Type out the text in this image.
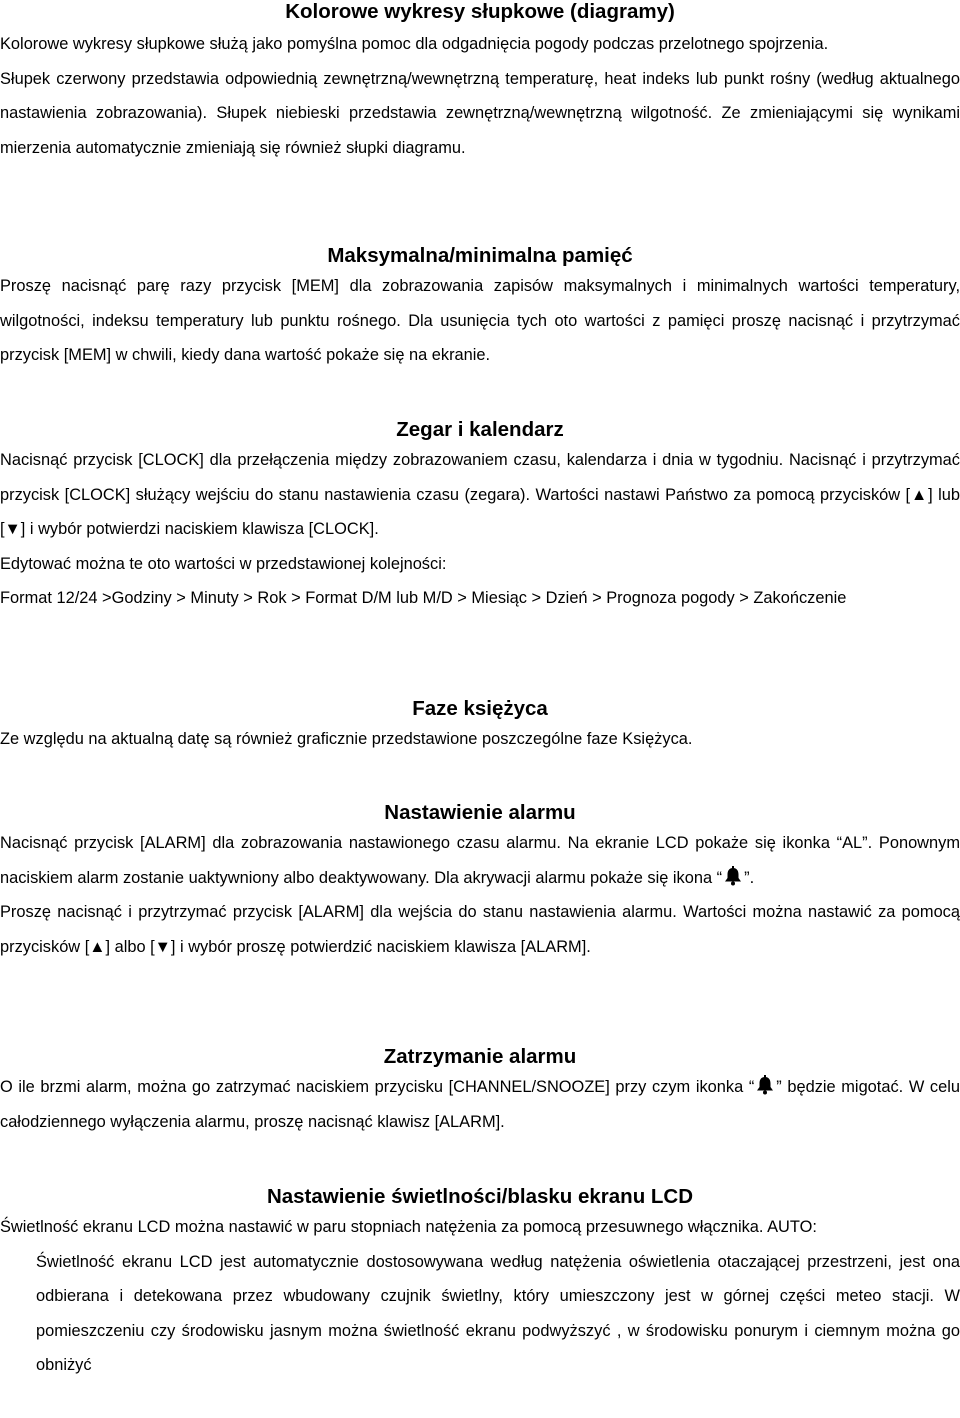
Kolorowe wykresy słupkowe (diagramy)

Kolorowe wykresy słupkowe służą jako pomyślna pomoc dla odgadnięcia pogody podczas przelotnego spojrzenia.

Słupek czerwony przedstawia odpowiednią zewnętrzną/wewnętrzną temperaturę, heat indeks lub punkt rośny (według aktualnego nastawienia zobrazowania). Słupek niebieski przedstawia zewnętrzną/wewnętrzną wilgotność. Ze zmieniającymi się wynikami mierzenia automatycznie zmieniają się również słupki diagramu.

Maksymalna/minimalna pamięć

Proszę nacisnąć parę razy przycisk [MEM] dla zobrazowania zapisów maksymalnych i minimalnych wartości temperatury, wilgotności, indeksu temperatury lub punktu rośnego. Dla usunięcia tych oto wartości z pamięci proszę nacisnąć i przytrzymać przycisk [MEM] w chwili, kiedy dana wartość pokaże się na ekranie.

Zegar i kalendarz

Nacisnąć przycisk [CLOCK] dla przełączenia między zobrazowaniem czasu, kalendarza i dnia w tygodniu. Nacisnąć i przytrzymać przycisk [CLOCK] służący wejściu do stanu nastawienia czasu (zegara). Wartości nastawi Państwo za pomocą przycisków [▲] lub [▼] i wybór potwierdzi naciskiem klawisza [CLOCK].

Edytować można te oto wartości w przedstawionej kolejności:

Format 12/24 >Godziny > Minuty > Rok > Format D/M lub M/D > Miesiąc > Dzień > Prognoza pogody > Zakończenie

Faze księżyca

Ze względu na aktualną datę są również graficznie przedstawione poszczególne faze Księżyca.

Nastawienie alarmu

Nacisnąć przycisk [ALARM] dla zobrazowania nastawionego czasu alarmu. Na ekranie LCD pokaże się ikonka “AL”. Ponownym naciskiem alarm zostanie uaktywniony albo deaktywowany. Dla akrywacji alarmu pokaże się ikona “ ”.

Proszę nacisnąć i przytrzymać przycisk [ALARM] dla wejścia do stanu nastawienia alarmu. Wartości można nastawić za pomocą przycisków [▲] albo [▼] i wybór proszę potwierdzić naciskiem klawisza [ALARM].

Zatrzymanie alarmu

O ile brzmi alarm, można go zatrzymać naciskiem przycisku [CHANNEL/SNOOZE] przy czym ikonka “ ” będzie migotać. W celu całodziennego wyłączenia alarmu, proszę nacisnąć klawisz [ALARM].

Nastawienie świetlności/blasku ekranu LCD

Świetlność ekranu LCD można nastawić w paru stopniach natężenia za pomocą przesuwnego włącznika. AUTO:

Świetlność ekranu LCD jest automatycznie dostosowywana według natężenia oświetlenia otaczającej przestrzeni, jest ona odbierana i detekowana przez wbudowany czujnik świetlny, który umieszczony jest w górnej części meteo stacji. W pomieszczeniu czy środowisku jasnym można świetlność ekranu podwyższyć , w środowisku ponurym i ciemnym można go obniżyć
